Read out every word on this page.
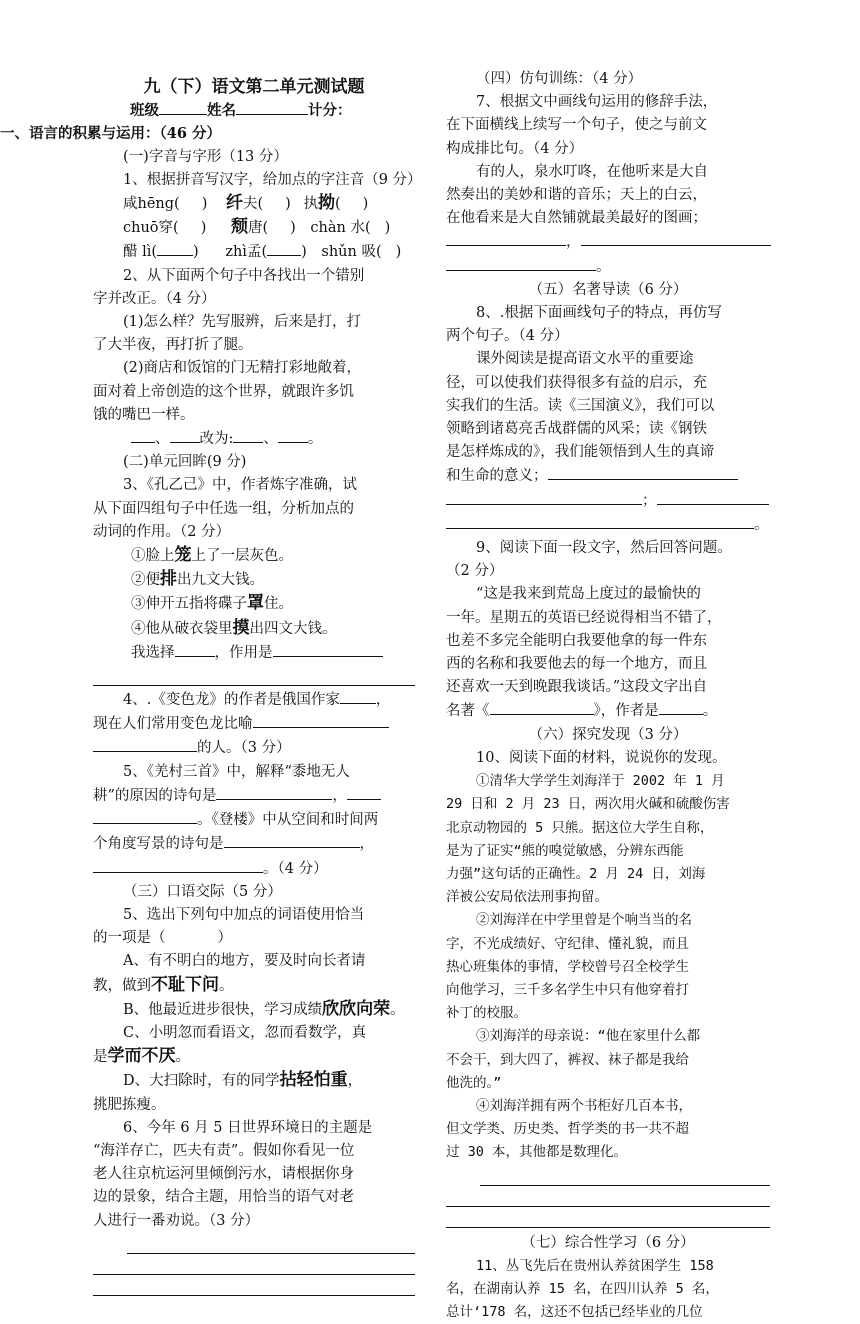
九（下）语文第二单元测试题
班级	姓名	计分：
一、语言的积累与运用：（46 分）
(一)字音与字形（13 分）
1、根据拼音写汉字，给加点的字注音（9 分）
咸hēng( ) 纤夫( ) 执拗( )
chuō穿( ) 颓唐( ) chàn 水( )
醋 lì( ) zhì孟( ) shǔn 吸( )
2、从下面两个句子中各找出一个错别
字并改正。（4 分）
(1)怎么样？先写服辨，后来是打，打
了大半夜，再打折了腿。
(2)商店和饭馆的门无精打彩地敞着，
面对着上帝创造的这个世界，就跟许多饥
饿的嘴巴一样。
、 改为: 、 。
(二)单元回眸(9 分)
3、《孔乙己》中，作者炼字准确，试
从下面四组句子中任选一组，分析加点的
动词的作用。（2 分）
①脸上笼上了一层灰色。
②便排出九文大钱。
③伸开五指将碟子罩住。
④他从破衣袋里摸出四文大钱。
我选择	，作用是
4、.《变色龙》的作者是俄国作家 ，
现在人们常用变色龙比喻
的人。（3 分）
5、《羌村三首》中，解释“黍地无人
耕”的原因的诗句是	，
。《登楼》中从空间和时间两
个角度写景的诗句是	，
。（4 分）
（三）口语交际（5 分）
5、选出下列句中加点的词语使用恰当
的一项是（	）
A、有不明白的地方，要及时向长者请
教，做到不耻下问。
B、他最近进步很快，学习成绩欣欣向荣。
C、小明忽而看语文，忽而看数学，真
是学而不厌。
D、大扫除时，有的同学拈轻怕重，
挑肥拣瘦。
6、今年 6 月 5 日世界环境日的主题是
“海洋存亡，匹夫有责”。假如你看见一位
老人往京杭运河里倾倒污水，请根据你身
边的景象，结合主题，用恰当的语气对老
人进行一番劝说。（3 分）
（四）仿句训练：（4 分）
7、根据文中画线句运用的修辞手法，
在下面横线上续写一个句子，使之与前文
构成排比句。（4 分）
有的人，泉水叮咚，在他听来是大自
然奏出的美妙和谐的音乐；天上的白云，
在他看来是大自然铺就最美最好的图画；
，
。
（五）名著导读（6 分）
8、.根据下面画线句子的特点，再仿写
两个句子。（4 分）
课外阅读是提高语文水平的重要途
径，可以使我们获得很多有益的启示，充
实我们的生活。读《三国演义》，我们可以
领略到诸葛亮舌战群儒的风采；读《钢铁
是怎样炼成的》，我们能领悟到人生的真谛
和生命的意义；
；
。
9、阅读下面一段文字，然后回答问题。
（2 分）
“这是我来到荒岛上度过的最愉快的
一年。星期五的英语已经说得相当不错了，
也差不多完全能明白我要他拿的每一件东
西的名称和我要他去的每一个地方，而且
还喜欢一天到晚跟我谈话。”这段文字出自
名著《	》，作者是	。
（六）探究发现（3 分）
10、阅读下面的材料，说说你的发现。
①清华大学学生刘海洋于 2002 年 1 月
29 日和 2 月 23 日，两次用火碱和硫酸伤害
北京动物园的 5 只熊。据这位大学生自称，
是为了证实“熊的嗅觉敏感，分辨东西能
力强”这句话的正确性。2 月 24 日，刘海
洋被公安局依法刑事拘留。
②刘海洋在中学里曾是个响当当的名
字，不光成绩好、守纪律、懂礼貌，而且
热心班集体的事情，学校曾号召全校学生
向他学习，三千多名学生中只有他穿着打
补丁的校服。
③刘海洋的母亲说：“他在家里什么都
不会干，到大四了，裤衩、袜子都是我给
他洗的。”
④刘海洋拥有两个书柜好几百本书，
但文学类、历史类、哲学类的书一共不超
过 30 本，其他都是数理化。
（七）综合性学习（6 分）
11、丛飞先后在贵州认养贫困学生 158
名，在湖南认养 15 名，在四川认养 5 名，
总计‘178 名，这还不包括已经毕业的几位
